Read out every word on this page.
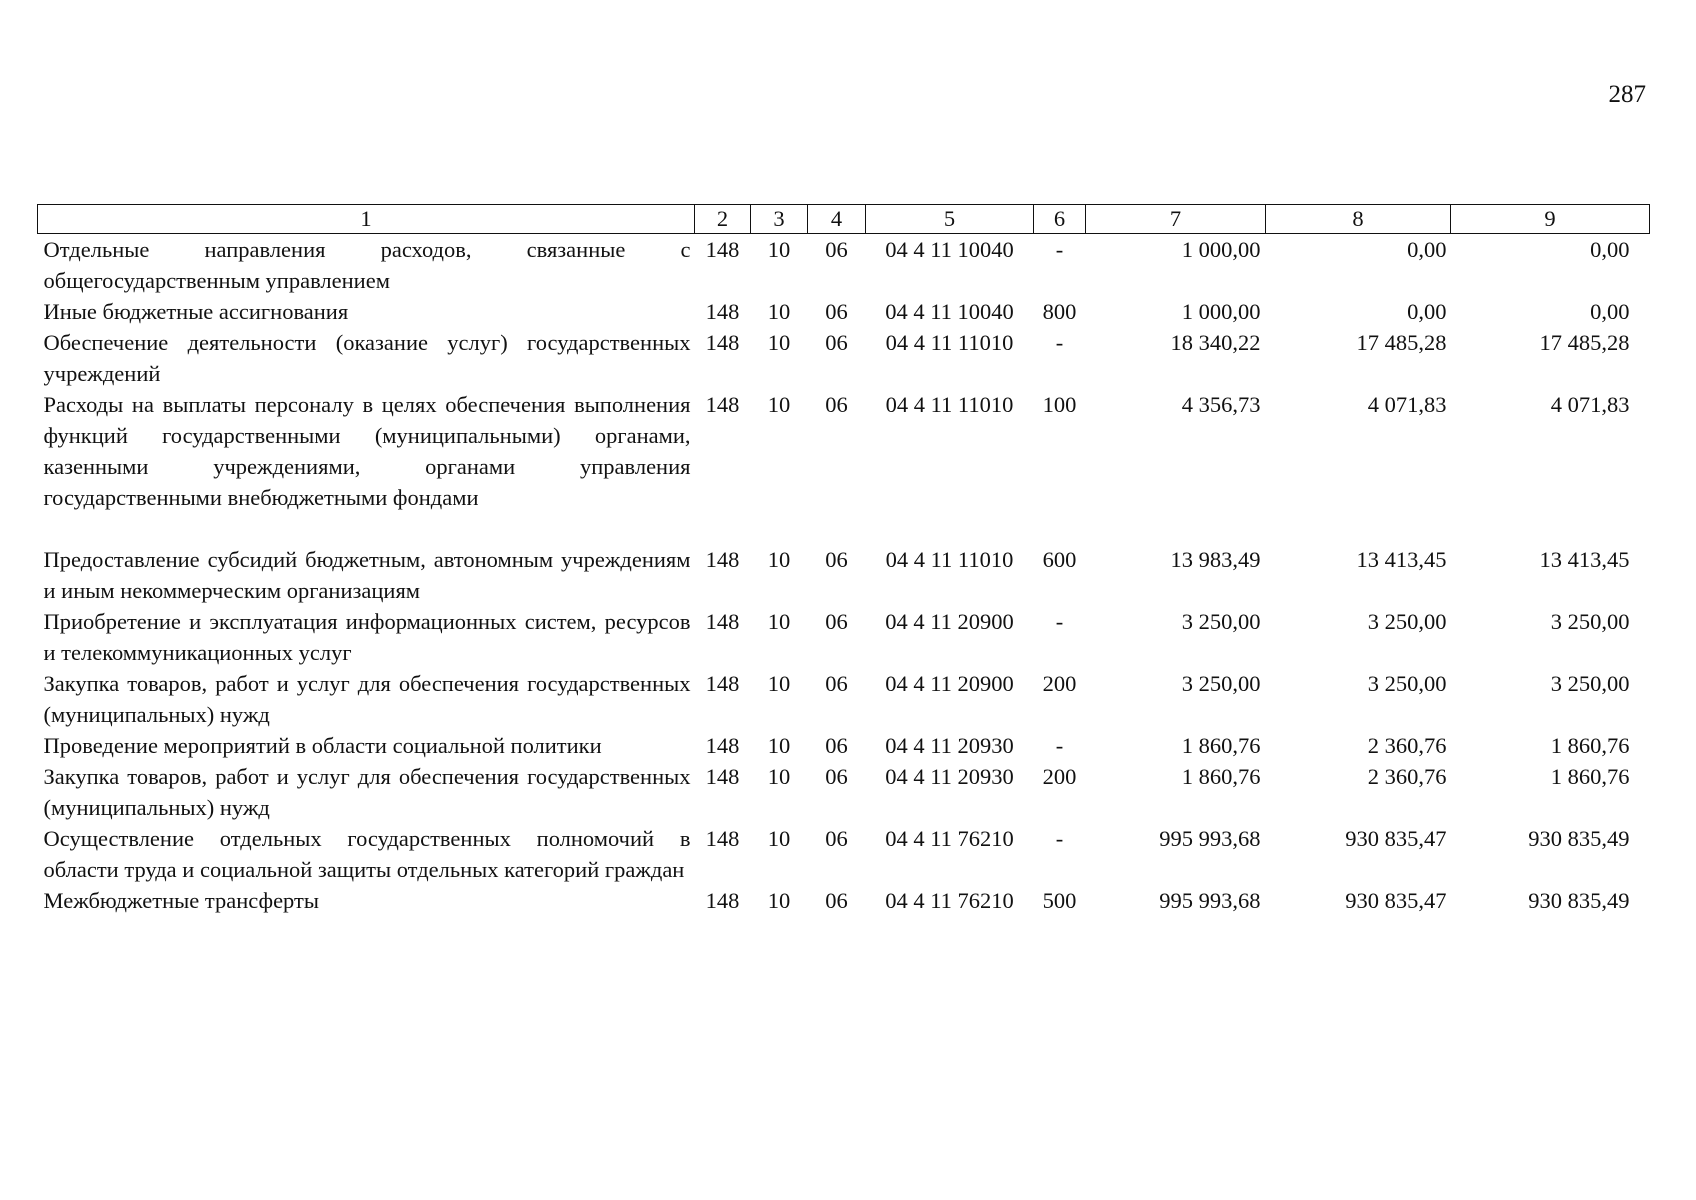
287
1	2	3	4	5	6	7	8	9
Отдельные направления расходов, связанные с общегосударственным управлением	148	10	06	04 4 11 10040	-	1 000,00	0,00	0,00
Иные бюджетные ассигнования	148	10	06	04 4 11 10040	800	1 000,00	0,00	0,00
Обеспечение деятельности (оказание услуг) государственных учреждений	148	10	06	04 4 11 11010	-	18 340,22	17 485,28	17 485,28
Расходы на выплаты персоналу в целях обеспечения выполнения функций государственными (муниципальными) органами, казенными учреждениями, органами управления государственными внебюджетными фондами	148	10	06	04 4 11 11010	100	4 356,73	4 071,83	4 071,83

Предоставление субсидий бюджетным, автономным учреждениям и иным некоммерческим организациям	148	10	06	04 4 11 11010	600	13 983,49	13 413,45	13 413,45
Приобретение и эксплуатация информационных систем, ресурсов и телекоммуникационных услуг	148	10	06	04 4 11 20900	-	3 250,00	3 250,00	3 250,00
Закупка товаров, работ и услуг для обеспечения государственных (муниципальных) нужд	148	10	06	04 4 11 20900	200	3 250,00	3 250,00	3 250,00
Проведение мероприятий в области социальной политики	148	10	06	04 4 11 20930	-	1 860,76	2 360,76	1 860,76
Закупка товаров, работ и услуг для обеспечения государственных (муниципальных) нужд	148	10	06	04 4 11 20930	200	1 860,76	2 360,76	1 860,76
Осуществление отдельных государственных полномочий в области труда и социальной защиты отдельных категорий граждан	148	10	06	04 4 11 76210	-	995 993,68	930 835,47	930 835,49
Межбюджетные трансферты	148	10	06	04 4 11 76210	500	995 993,68	930 835,47	930 835,49
